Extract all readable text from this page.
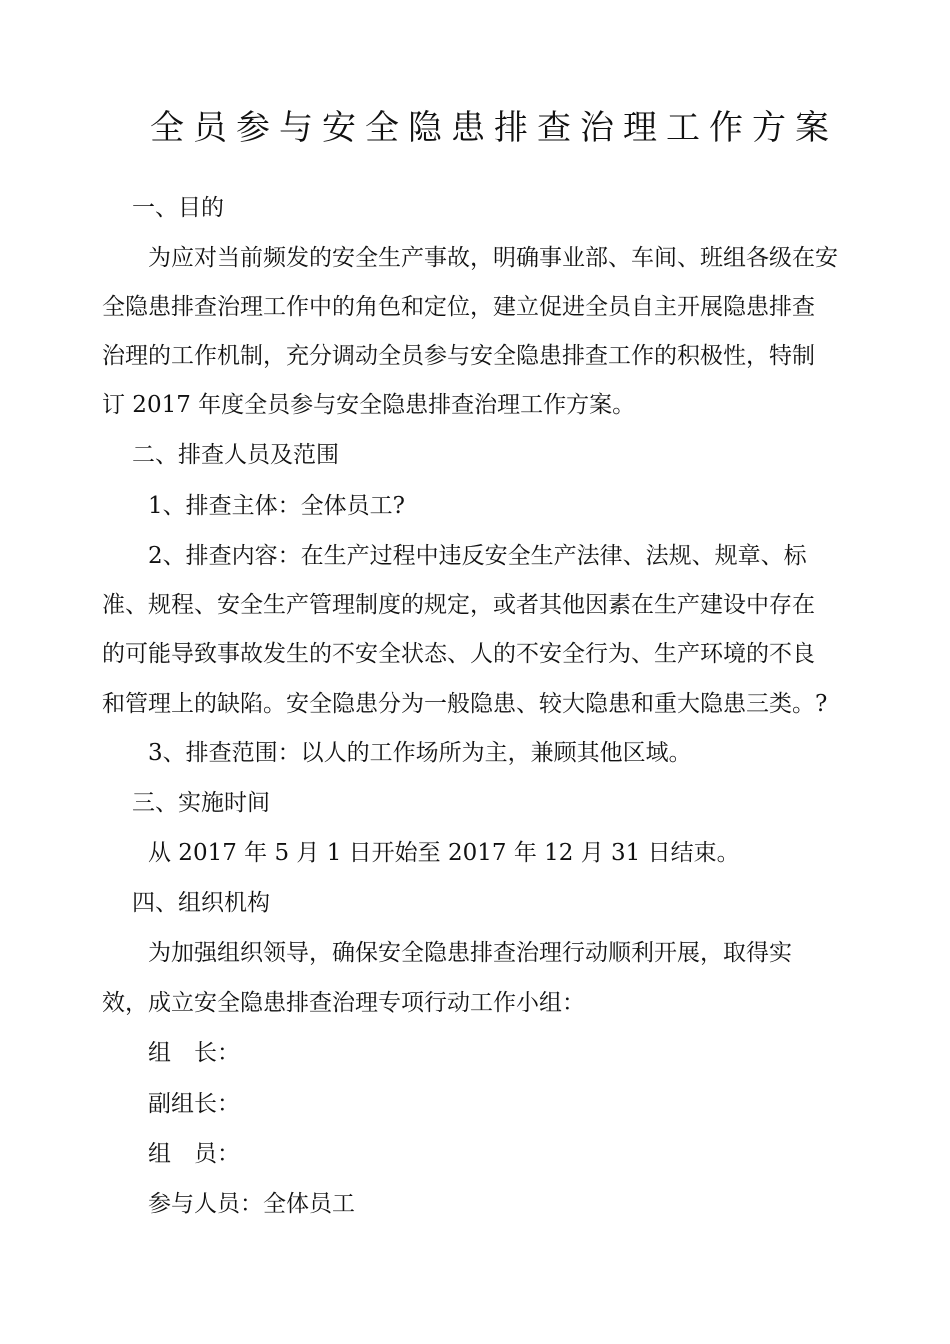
全员参与安全隐患排查治理工作方案
一、目的
为应对当前频发的安全生产事故，明确事业部、车间、班组各级在安
全隐患排查治理工作中的角色和定位，建立促进全员自主开展隐患排查
治理的工作机制，充分调动全员参与安全隐患排查工作的积极性，特制
订 2017 年度全员参与安全隐患排查治理工作方案。
二、排查人员及范围
1、排查主体：全体员工?
2、排查内容：在生产过程中违反安全生产法律、法规、规章、标
准、规程、安全生产管理制度的规定，或者其他因素在生产建设中存在
的可能导致事故发生的不安全状态、人的不安全行为、生产环境的不良
和管理上的缺陷。安全隐患分为一般隐患、较大隐患和重大隐患三类。?
3、排查范围：以人的工作场所为主，兼顾其他区域。
三、实施时间
从 2017 年 5 月 1 日开始至 2017 年 12 月 31 日结束。
四、组织机构
为加强组织领导，确保安全隐患排查治理行动顺利开展，取得实
效，成立安全隐患排查治理专项行动工作小组：
组　长：
副组长：
组　员：
参与人员：全体员工
